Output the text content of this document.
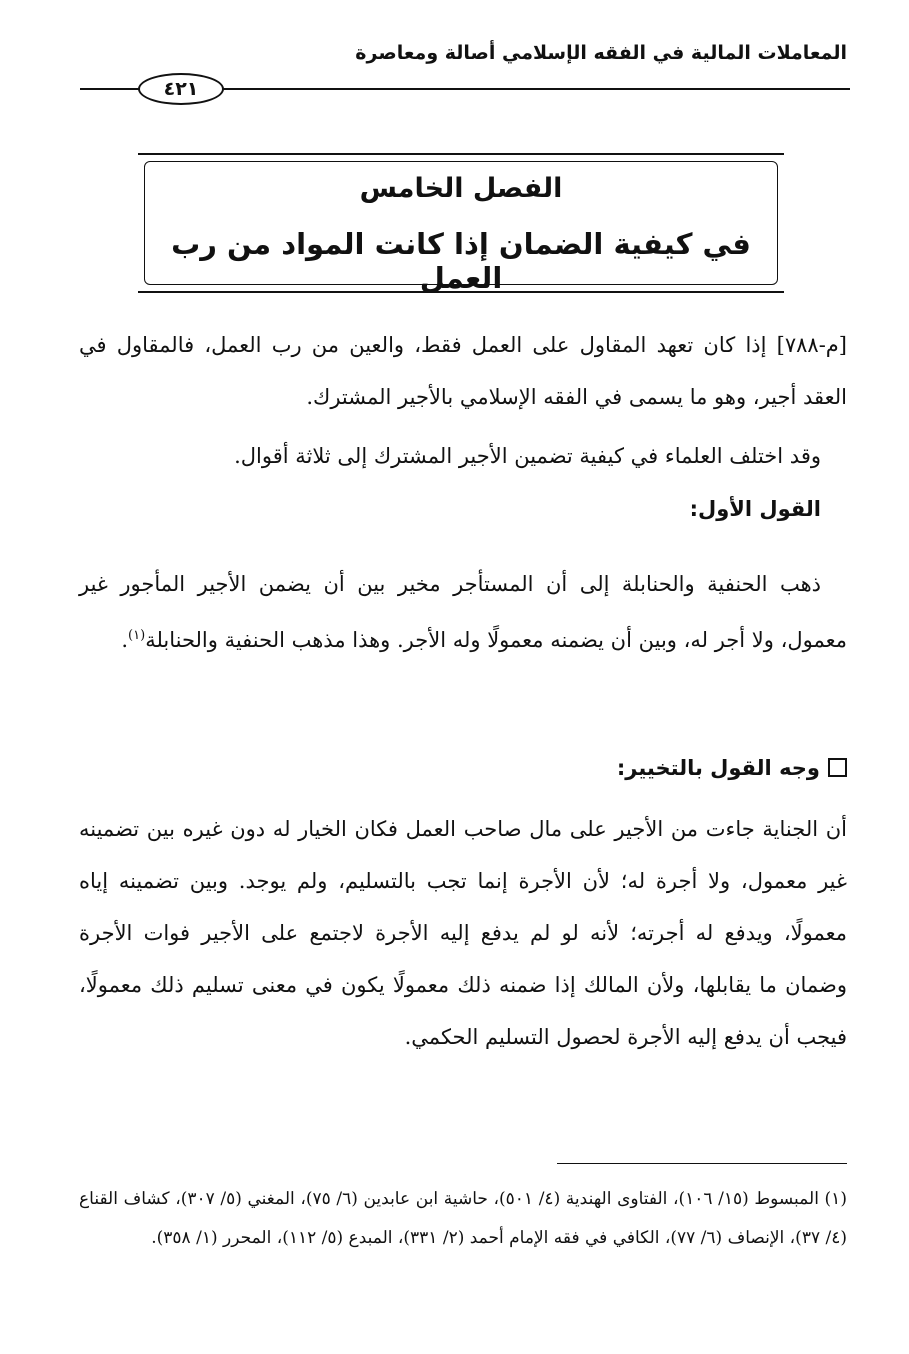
المعاملات المالية في الفقه الإسلامي أصالة ومعاصرة
٤٢١
الفصل الخامس
في كيفية الضمان إذا كانت المواد من رب العمل
[م-٧٨٨] إذا كان تعهد المقاول على العمل فقط، والعين من رب العمل، فالمقاول في العقد أجير، وهو ما يسمى في الفقه الإسلامي بالأجير المشترك.
وقد اختلف العلماء في كيفية تضمين الأجير المشترك إلى ثلاثة أقوال.
القول الأول:
ذهب الحنفية والحنابلة إلى أن المستأجر مخير بين أن يضمن الأجير المأجور غير معمول، ولا أجر له، وبين أن يضمنه معمولًا وله الأجر. وهذا مذهب الحنفية والحنابلة$^{(١)}$.
وجه القول بالتخيير:
أن الجناية جاءت من الأجير على مال صاحب العمل فكان الخيار له دون غيره بين تضمينه غير معمول، ولا أجرة له؛ لأن الأجرة إنما تجب بالتسليم، ولم يوجد. وبين تضمينه إياه معمولًا، ويدفع له أجرته؛ لأنه لو لم يدفع إليه الأجرة لاجتمع على الأجير فوات الأجرة وضمان ما يقابلها، ولأن المالك إذا ضمنه ذلك معمولًا يكون في معنى تسليم ذلك معمولًا، فيجب أن يدفع إليه الأجرة لحصول التسليم الحكمي.
(١) المبسوط (١٥/ ١٠٦)، الفتاوى الهندية (٤/ ٥٠١)، حاشية ابن عابدين (٦/ ٧٥)، المغني (٥/ ٣٠٧)، كشاف القناع (٤/ ٣٧)، الإنصاف (٦/ ٧٧)، الكافي في فقه الإمام أحمد (٢/ ٣٣١)، المبدع (٥/ ١١٢)، المحرر (١/ ٣٥٨).
